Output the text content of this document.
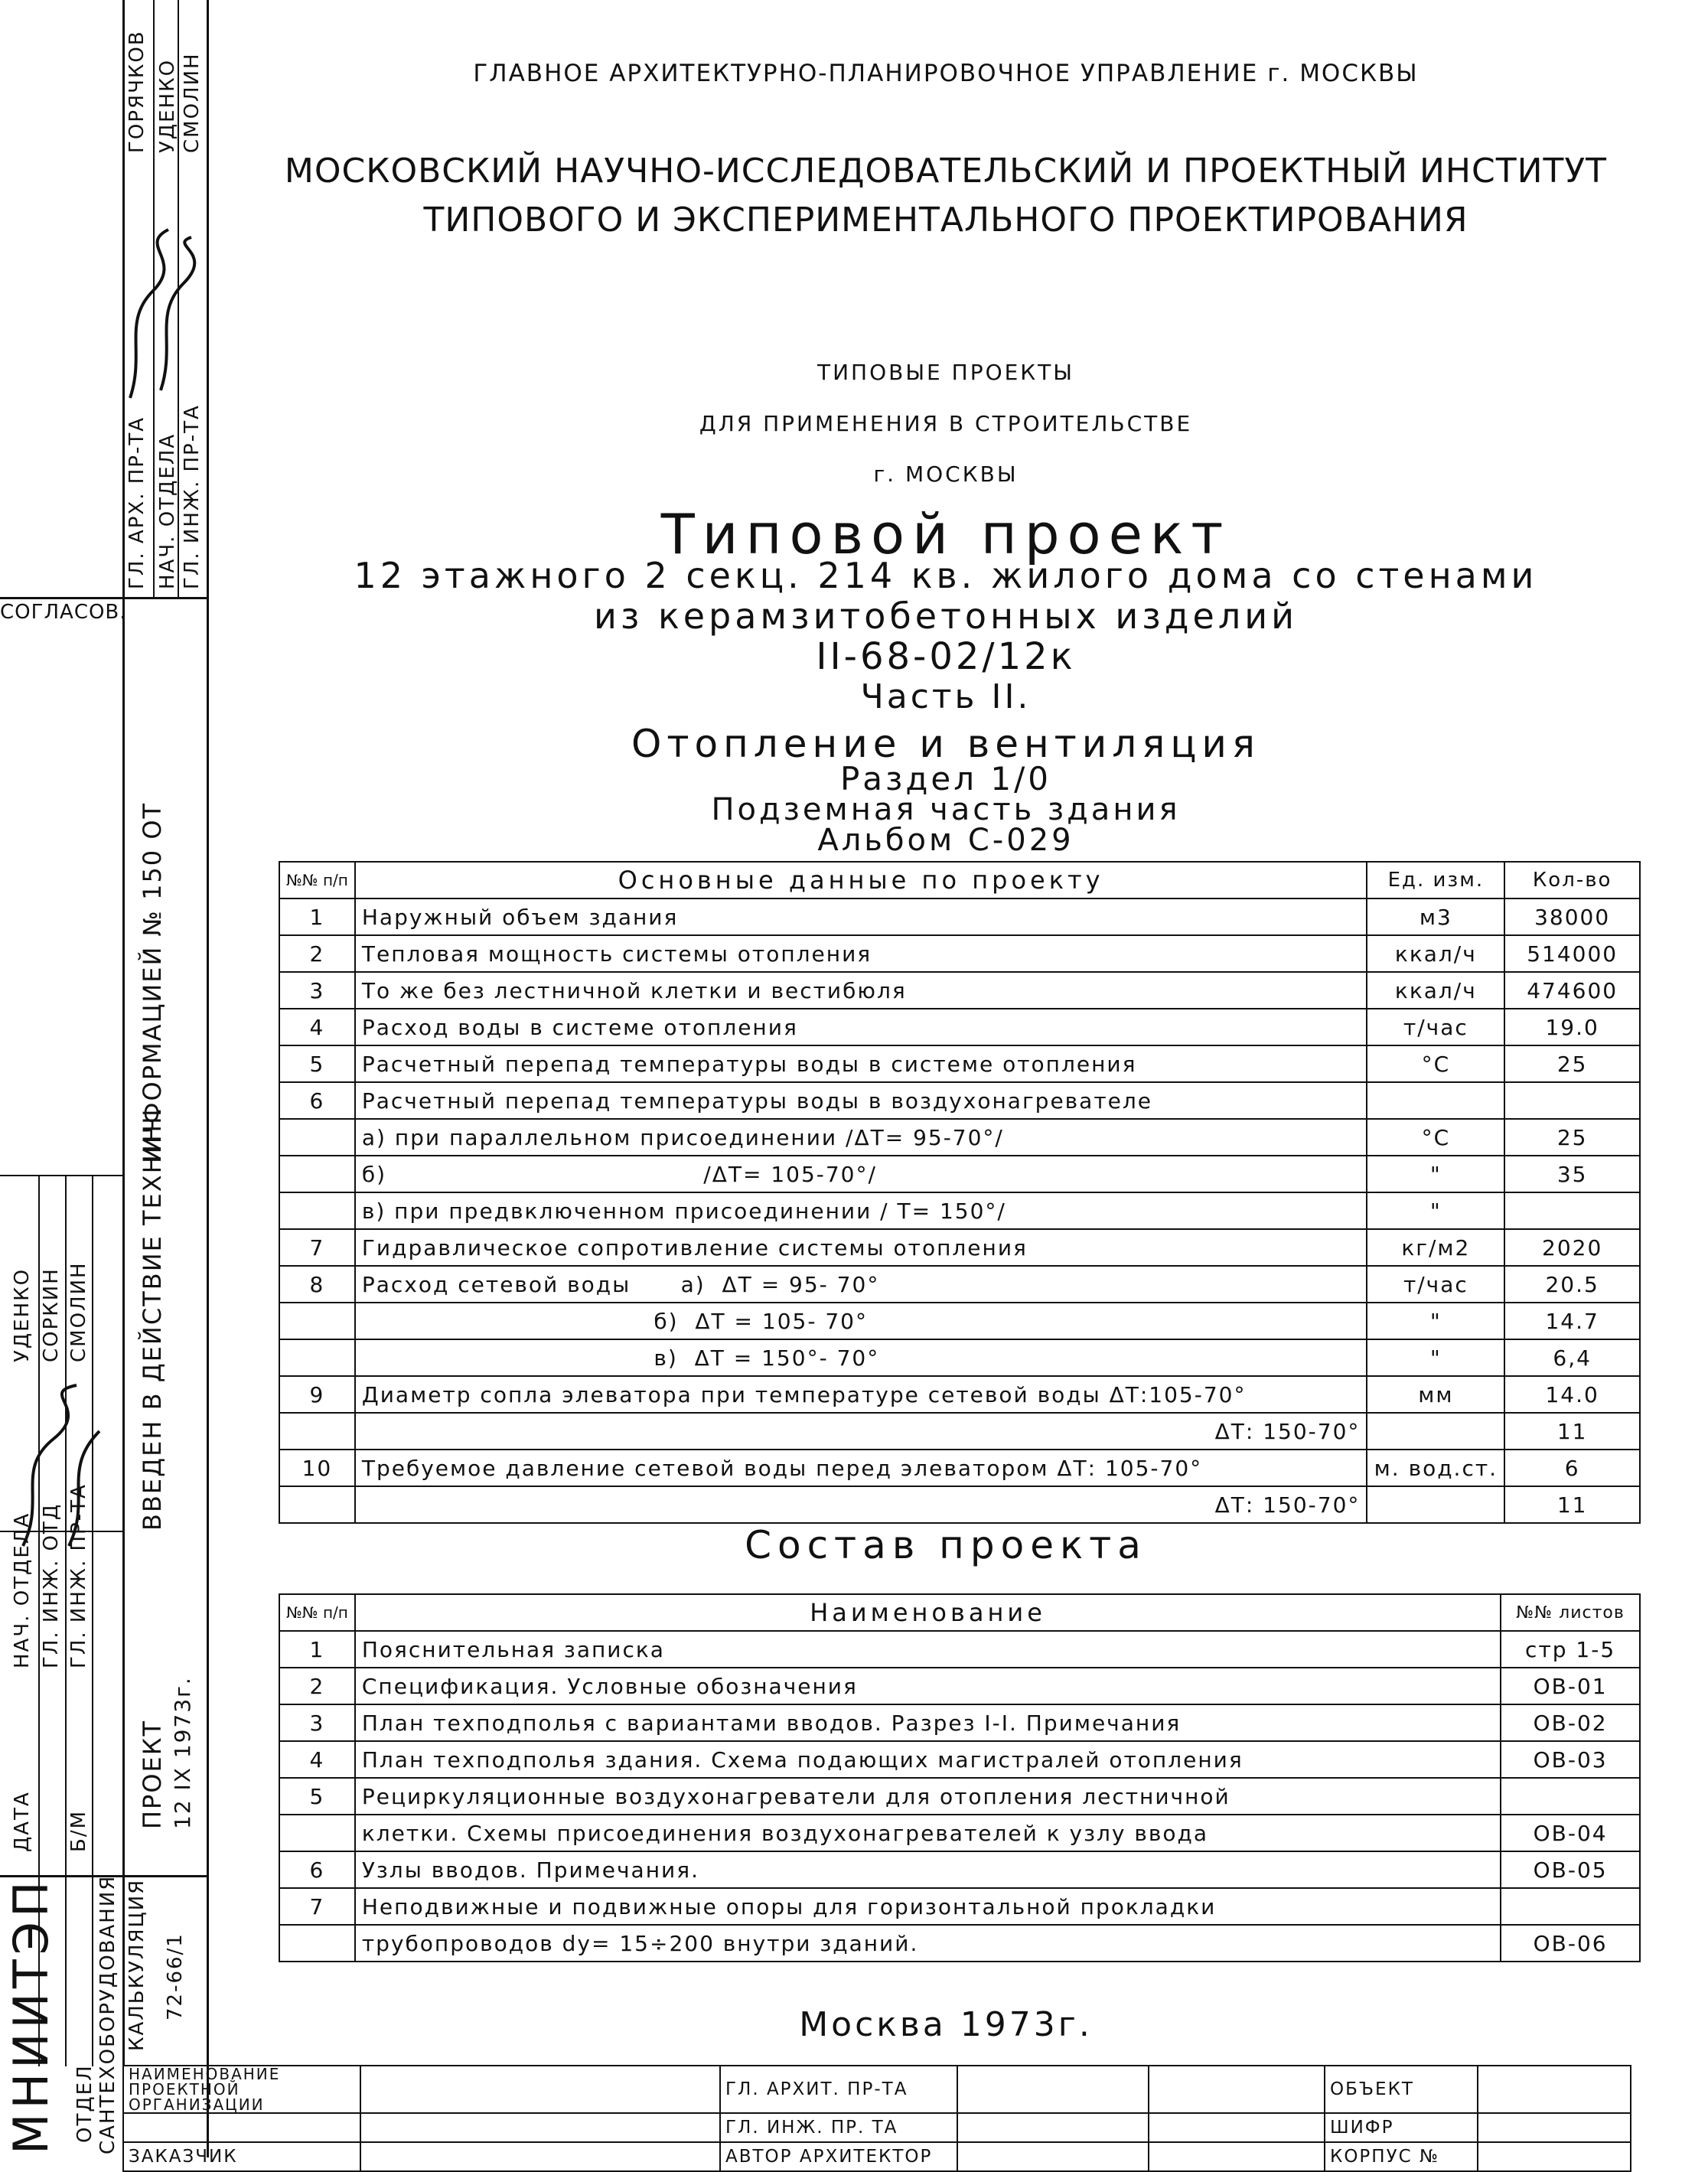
ГЛ. АРХ. ПР-ТА НАЧ. ОТДЕЛА ГЛ. ИНЖ. ПР-ТА
ГОРЯЧКОВ УДЕНКО СМОЛИН
СОГЛАСОВ.
ИНФОРМАЦИЕЙ № 150 ОТ
ВВЕДЕН В ДЕЙСТВИЕ ТЕХНИЧ.
ПРОЕКТ 12 IX 1973г.
УДЕНКО СОРКИН СМОЛИН
НАЧ. ОТДЕЛА ГЛ. ИНЖ. ОТД ГЛ. ИНЖ. ПР-ТА
ДАТА Б/М
КАЛЬКУЛЯЦИЯ 72-66/1
ОТДЕЛ САНТЕХОБОРУДОВАНИЯ
МНИИТЭП
ГЛАВНОЕ АРХИТЕКТУРНО-ПЛАНИРОВОЧНОЕ УПРАВЛЕНИЕ г. МОСКВЫ
МОСКОВСКИЙ НАУЧНО-ИССЛЕДОВАТЕЛЬСКИЙ И ПРОЕКТНЫЙ ИНСТИТУТ
ТИПОВОГО И ЭКСПЕРИМЕНТАЛЬНОГО ПРОЕКТИРОВАНИЯ
ТИПОВЫЕ ПРОЕКТЫ
ДЛЯ ПРИМЕНЕНИЯ В СТРОИТЕЛЬСТВЕ
г. МОСКВЫ
Типовой проект
12 этажного 2 секц. 214 кв. жилого дома со стенами
из керамзитобетонных изделий
II-68-02/12к
Часть II.
Отопление и вентиляция
Раздел 1/0
Подземная часть здания
Альбом С-029
№№ п/п	Основные данные по проекту	Ед. изм.	Кол-во
1	Наружный объем здания	м3	38000
2	Тепловая мощность системы отопления	ккал/ч	514000
3	То же без лестничной клетки и вестибюля	ккал/ч	474600
4	Расход воды в системе отопления	т/час	19.0
5	Расчетный перепад температуры воды в системе отопления	°С	25
6	Расчетный перепад температуры воды в воздухонагревателе		
	а) при параллельном присоединении /ΔТ= 95-70°/	°С	25
	б)                                      /ΔТ= 105-70°/	"	35
	в) при предвключенном присоединении / Т= 150°/	"	
7	Гидравлическое сопротивление системы отопления	кг/м2	2020
8	Расход сетевой воды      а)  ΔТ = 95- 70°	т/час	20.5
	б)  ΔТ = 105- 70°	"	14.7
	в)  ΔТ = 150°- 70°	"	6,4
9	Диаметр сопла элеватора при температуре сетевой воды ΔТ:105-70°	мм	14.0
	ΔТ: 150-70°		11
10	Требуемое давление сетевой воды перед элеватором ΔТ: 105-70°	м. вод.ст.	6
	ΔТ: 150-70°		11
Состав проекта
№№ п/п	Наименование	№№ листов
1	Пояснительная записка	стр 1-5
2	Спецификация. Условные обозначения	ОВ-01
3	План техподполья с вариантами вводов. Разрез I-I. Примечания	ОВ-02
4	План техподполья здания. Схема подающих магистралей отопления	ОВ-03
5	Рециркуляционные воздухонагреватели для отопления лестничной	
	клетки. Схемы присоединения воздухонагревателей к узлу ввода	ОВ-04
6	Узлы вводов. Примечания.	ОВ-05
7	Неподвижные и подвижные опоры для горизонтальной прокладки	
	трубопроводов dу= 15÷200 внутри зданий.	ОВ-06
Москва 1973г.
НАИМЕНОВАНИЕ ПРОЕКТНОЙ ОРГАНИЗАЦИИ		ГЛ. АРХИТ. ПР-ТА			ОБЪЕКТ	
		ГЛ. ИНЖ. ПР. ТА			ШИФР	
ЗАКАЗЧИК		АВТОР АРХИТЕКТОР			КОРПУС №	
